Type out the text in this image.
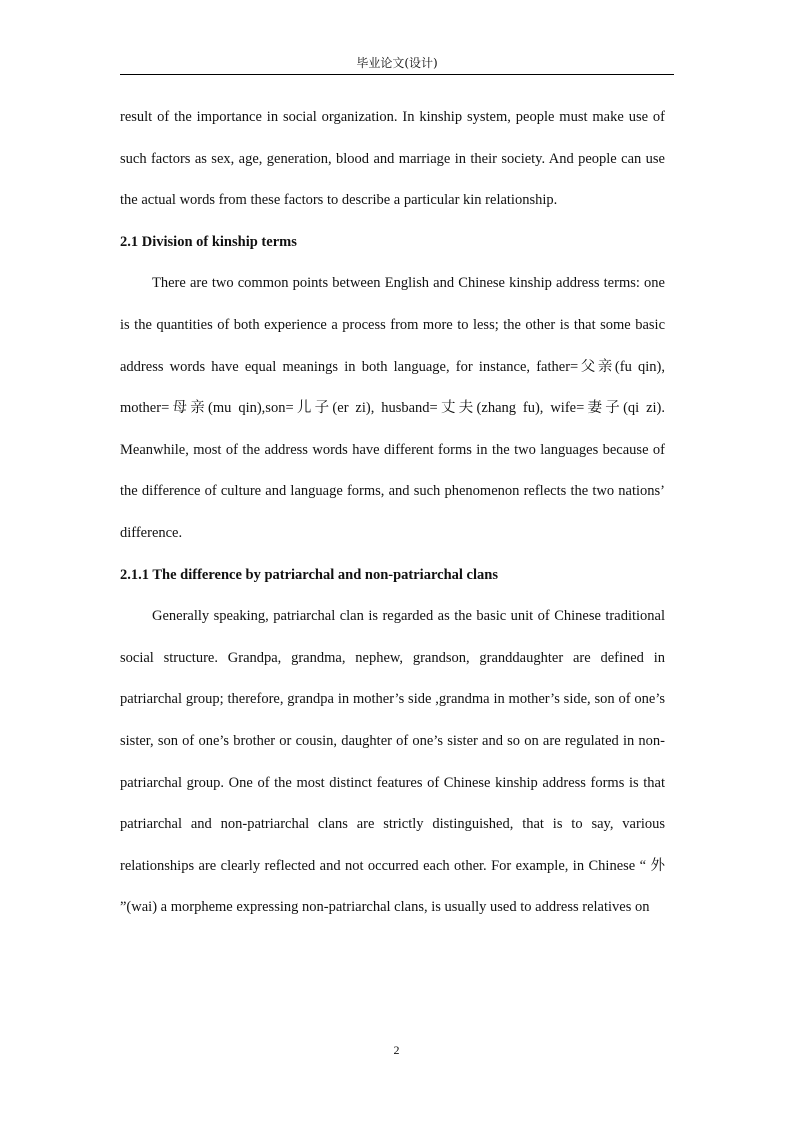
毕业论文(设计)

result of the importance in social organization. In kinship system, people must make use of such factors as sex, age, generation, blood and marriage in their society. And people can use the actual words from these factors to describe a particular kin relationship.

2.1 Division of kinship terms

There are two common points between English and Chinese kinship address terms: one is the quantities of both experience a process from more to less; the other is that some basic address words have equal meanings in both language, for instance, father=父亲(fu qin), mother=母亲(mu qin),son=儿子(er zi), husband=丈夫(zhang fu), wife=妻子(qi zi). Meanwhile, most of the address words have different forms in the two languages because of the difference of culture and language forms, and such phenomenon reflects the two nations’ difference.

2.1.1 The difference by patriarchal and non-patriarchal clans

Generally speaking, patriarchal clan is regarded as the basic unit of Chinese traditional social structure. Grandpa, grandma, nephew, grandson, granddaughter are defined in patriarchal group; therefore, grandpa in mother’s side ,grandma in mother’s side, son of one’s sister, son of one’s brother or cousin, daughter of one’s sister and so on are regulated in non-patriarchal group. One of the most distinct features of Chinese kinship address forms is that patriarchal and non-patriarchal clans are strictly distinguished, that is to say, various relationships are clearly reflected and not occurred each other. For example, in Chinese “ 外 ”(wai) a morpheme expressing non-patriarchal clans, is usually used to address relatives on

2
